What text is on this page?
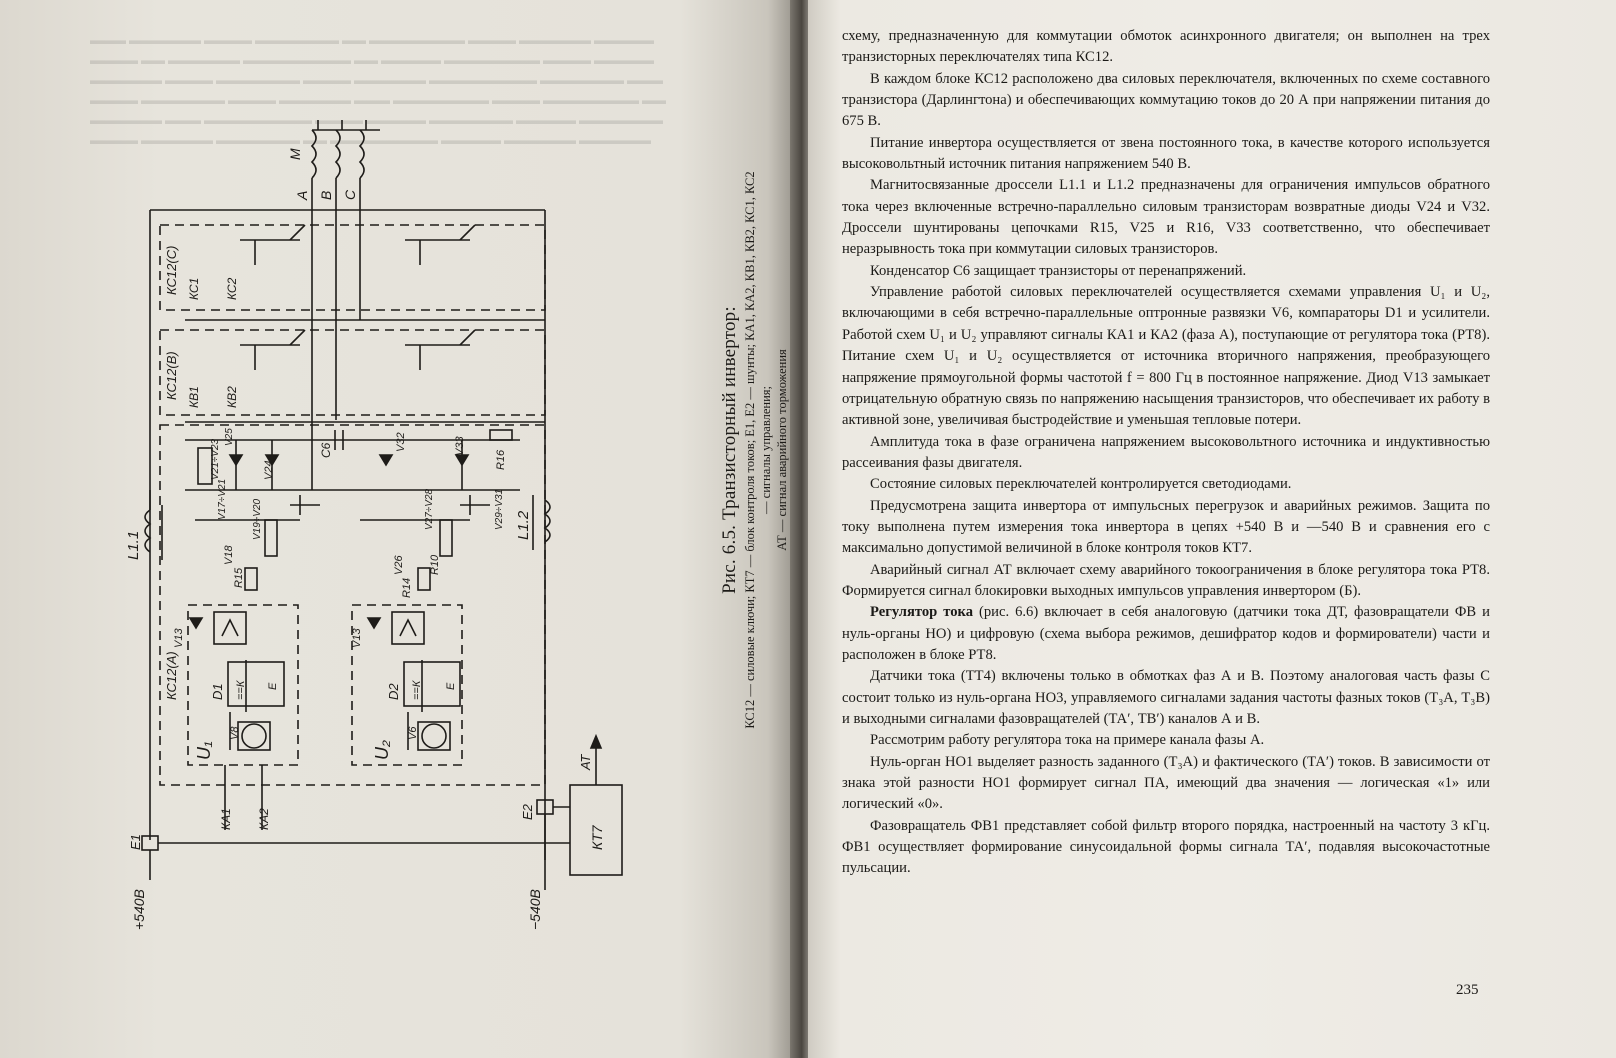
▬▬▬ ▬▬▬▬▬▬ ▬▬▬▬ ▬▬▬▬▬▬▬ ▬▬ ▬▬▬▬▬▬▬▬ ▬▬▬▬ ▬▬▬▬▬▬ ▬▬▬▬▬
▬▬▬▬ ▬▬ ▬▬▬▬▬▬ ▬▬▬▬▬▬▬▬▬ ▬▬ ▬▬▬▬▬ ▬▬▬▬▬▬▬▬ ▬▬▬▬ ▬▬▬▬▬
▬▬▬▬▬▬ ▬▬▬▬ ▬▬▬▬▬▬▬ ▬▬▬▬ ▬▬▬▬▬▬ ▬▬▬▬▬▬▬▬▬ ▬▬▬▬▬▬▬ ▬▬▬
▬▬▬▬ ▬▬▬▬▬▬▬ ▬▬▬▬ ▬▬▬▬▬▬ ▬▬▬ ▬▬▬▬▬▬▬▬ ▬▬▬▬ ▬▬▬▬▬▬▬▬ ▬▬
▬▬▬▬▬▬ ▬▬▬ ▬▬▬▬▬▬▬▬▬ ▬▬▬▬ ▬▬▬▬▬ ▬▬▬▬▬▬▬ ▬▬▬▬▬ ▬▬▬▬▬▬▬
▬▬▬▬ ▬▬▬▬▬▬ ▬▬▬▬▬▬▬ ▬▬ ▬▬▬▬▬▬▬▬▬ ▬▬▬▬▬ ▬▬▬▬▬▬ ▬▬▬▬▬▬
М
А В С
КС12(С)
КС12(В)
КС12(А)
КС1 КС2
КВ1 КВ2
КА1 КА2
L1.1
L1.2
С6	V32	V33
R16
V24
V21÷V23
V25
V27÷V28	V29÷V31
V19÷V20
V17÷V21
V18
R15
V26 R10
R14
V13	V13
D1	D2
==К	==К
Е	Е
V8	V6
U₁	U₂
АТ
КТ7
Е1
Е2
+540В	−540В
Рис. 6.5. Транзисторный инвертор: КС12 — силовые ключи; КТ7 — блок контроля токов; Е1, Е2 — шунты; КА1, КА2, КВ1, КВ2, КС1, КС2 — сигналы управления; АТ — сигнал аварийного торможения

схему, предназначенную для коммутации обмоток асинхронного двигателя; он выполнен на трех транзисторных переключателях типа КС12.

В каждом блоке КС12 расположено два силовых переключателя, включенных по схеме составного транзистора (Дарлингтона) и обеспечивающих коммутацию токов до 20 А при напряжении питания до 675 В.

Питание инвертора осуществляется от звена постоянного тока, в качестве которого используется высоковольтный источник питания напряжением 540 В.

Магнитосвязанные дроссели L1.1 и L1.2 предназначены для ограничения импульсов обратного тока через включенные встречно-параллельно силовым транзисторам возвратные диоды V24 и V32. Дроссели шунтированы цепочками R15, V25 и R16, V33 соответственно, что обеспечивает неразрывность тока при коммутации силовых транзисторов.

Конденсатор С6 защищает транзисторы от перенапряжений.

Управление работой силовых переключателей осуществляется схемами управления U₁ и U₂, включающими в себя встречно-параллельные оптронные развязки V6, компараторы D1 и усилители. Работой схем U₁ и U₂ управляют сигналы КА1 и КА2 (фаза А), поступающие от регулятора тока (РТ8). Питание схем U₁ и U₂ осуществляется от источника вторичного напряжения, преобразующего напряжение прямоугольной формы частотой f = 800 Гц в постоянное напряжение. Диод V13 замыкает отрицательную обратную связь по напряжению насыщения транзисторов, что обеспечивает их работу в активной зоне, увеличивая быстродействие и уменьшая тепловые потери.

Амплитуда тока в фазе ограничена напряжением высоковольтного источника и индуктивностью рассеивания фазы двигателя.

Состояние силовых переключателей контролируется светодиодами.

Предусмотрена защита инвертора от импульсных перегрузок и аварийных режимов. Защита по току выполнена путем измерения тока инвертора в цепях +540 В и —540 В и сравнения его с максимально допустимой величиной в блоке контроля токов КТ7.

Аварийный сигнал АТ включает схему аварийного токоограничения в блоке регулятора тока РТ8. Формируется сигнал блокировки выходных импульсов управления инвертором (Б).

Регулятор тока (рис. 6.6) включает в себя аналоговую (датчики тока ДТ, фазовращатели ФВ и нуль-органы НО) и цифровую (схема выбора режимов, дешифратор кодов и формирователи) части и расположен в блоке РТ8.

Датчики тока (ТТ4) включены только в обмотках фаз А и В. Поэтому аналоговая часть фазы С состоит только из нуль-органа НО3, управляемого сигналами задания частоты фазных токов (Т₃А, Т₃В) и выходными сигналами фазовращателей (ТА′, ТВ′) каналов А и В.

Рассмотрим работу регулятора тока на примере канала фазы А.

Нуль-орган НО1 выделяет разность заданного (Т₃А) и фактического (ТА′) токов. В зависимости от знака этой разности НО1 формирует сигнал ПА, имеющий два значения — логическая «1» или логический «0».

Фазовращатель ФВ1 представляет собой фильтр второго порядка, настроенный на частоту 3 кГц. ФВ1 осуществляет формирование синусоидальной формы сигнала ТА′, подавляя высокочастотные пульсации.

235
